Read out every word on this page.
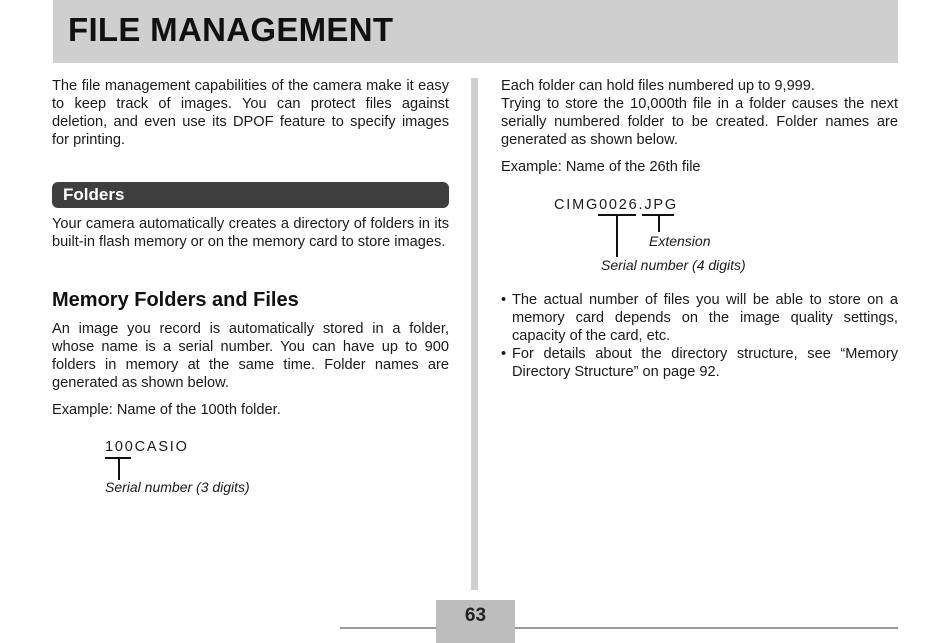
FILE MANAGEMENT

The file management capabilities of the camera make it easy to keep track of images. You can protect files against deletion, and even use its DPOF feature to specify images for printing.

Folders

Your camera automatically creates a directory of folders in its built-in flash memory or on the memory card to store images.

Memory Folders and Files

An image you record is automatically stored in a folder, whose name is a serial number. You can have up to 900 folders in memory at the same time. Folder names are generated as shown below.

Example: Name of the 100th folder.

100CASIO
Serial number (3 digits)

Each folder can hold files numbered up to 9,999.

Trying to store the 10,000th file in a folder causes the next serially numbered folder to be created. Folder names are generated as shown below.

Example: Name of the 26th file

CIMG0026.JPG
Extension
Serial number (4 digits)
• The actual number of files you will be able to store on a memory card depends on the image quality settings, capacity of the card, etc.
• For details about the directory structure, see “Memory Directory Structure” on page 92.
63
